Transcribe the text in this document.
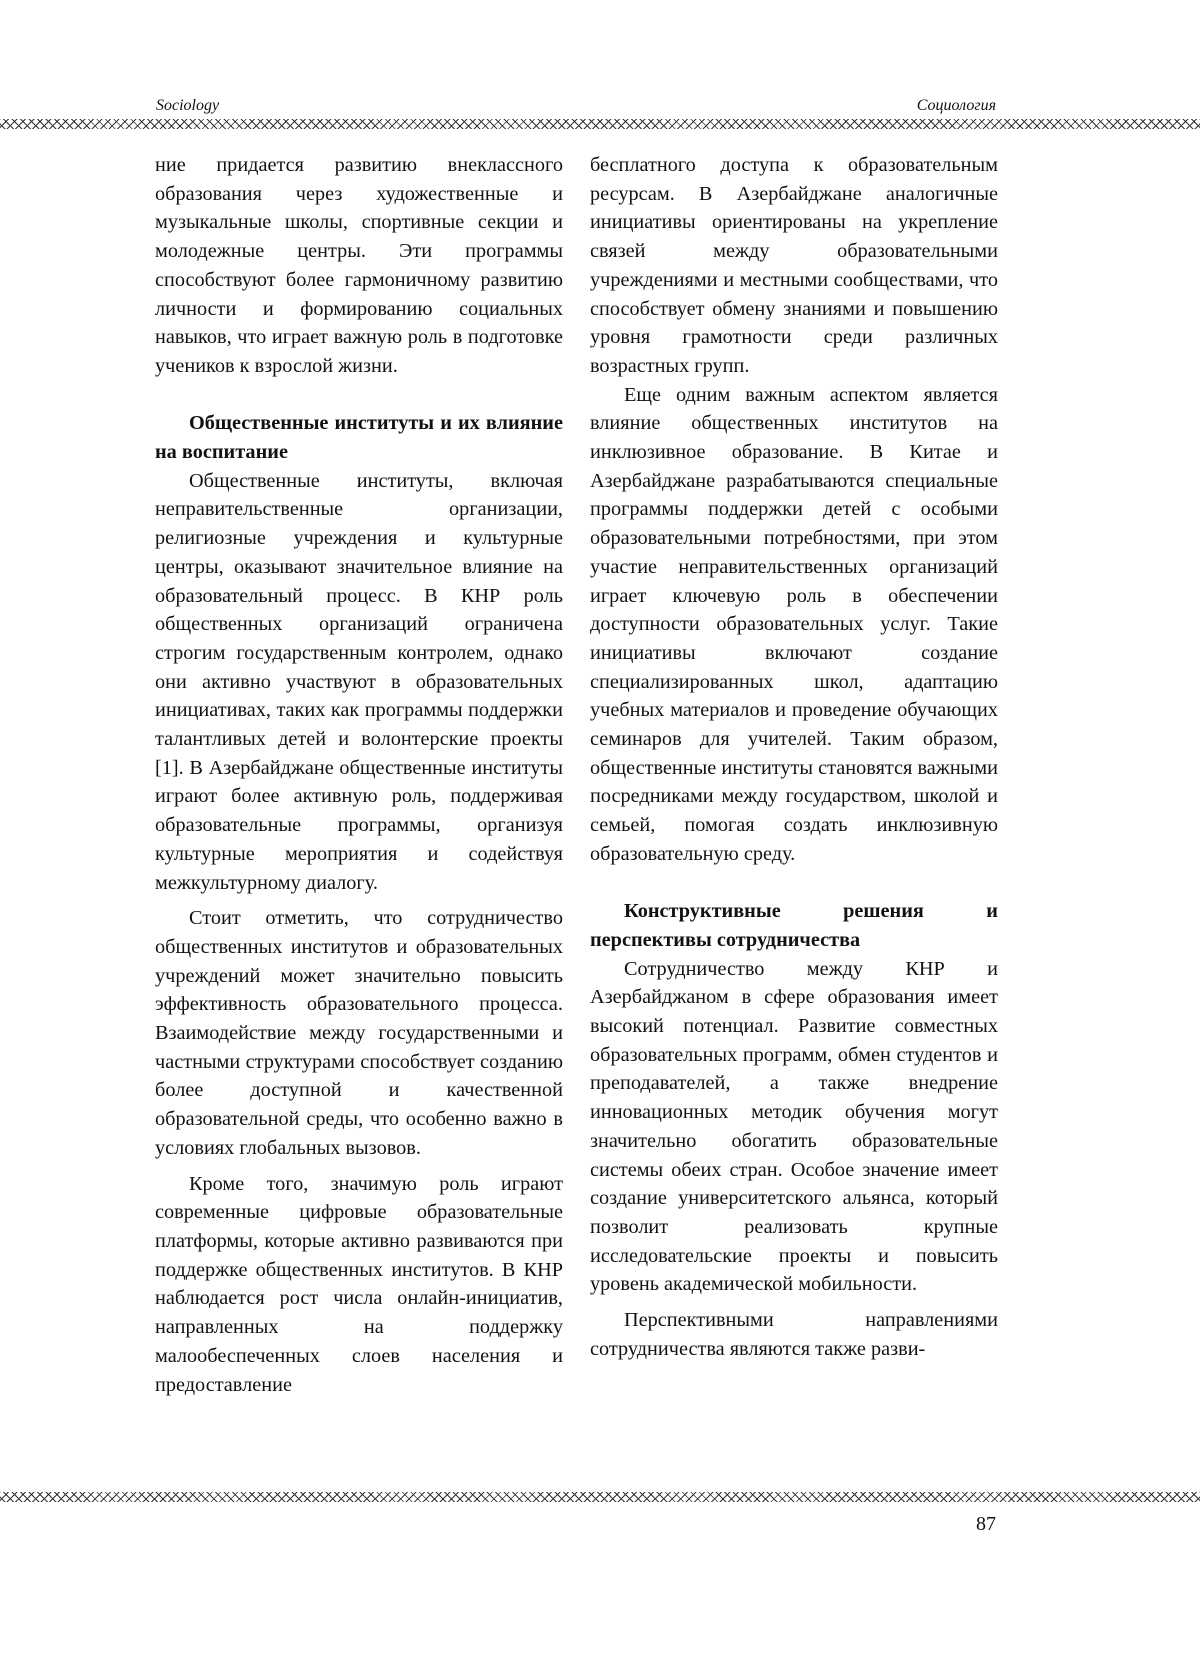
Sociology	Социология

ние придается развитию внеклассного образования через художественные и музыкальные школы, спортивные секции и молодежные центры. Эти программы способствуют более гармоничному развитию личности и формированию социальных навыков, что играет важную роль в подготовке учеников к взрослой жизни.

Общественные институты и их влияние на воспитание

Общественные институты, включая неправительственные организации, религиозные учреждения и культурные центры, оказывают значительное влияние на образовательный процесс. В КНР роль общественных организаций ограничена строгим государственным контролем, однако они активно участвуют в образовательных инициативах, таких как программы поддержки талантливых детей и волонтерские проекты [1]. В Азербайджане общественные институты играют более активную роль, поддерживая образовательные программы, организуя культурные мероприятия и содействуя межкультурному диалогу.

Стоит отметить, что сотрудничество общественных институтов и образовательных учреждений может значительно повысить эффективность образовательного процесса. Взаимодействие между государственными и частными структурами способствует созданию более доступной и качественной образовательной среды, что особенно важно в условиях глобальных вызовов.

Кроме того, значимую роль играют современные цифровые образовательные платформы, которые активно развиваются при поддержке общественных институтов. В КНР наблюдается рост числа онлайн-инициатив, направленных на поддержку малообеспеченных слоев населения и предоставление

бесплатного доступа к образовательным ресурсам. В Азербайджане аналогичные инициативы ориентированы на укрепление связей между образовательными учреждениями и местными сообществами, что способствует обмену знаниями и повышению уровня грамотности среди различных возрастных групп.

Еще одним важным аспектом является влияние общественных институтов на инклюзивное образование. В Китае и Азербайджане разрабатываются специальные программы поддержки детей с особыми образовательными потребностями, при этом участие неправительственных организаций играет ключевую роль в обеспечении доступности образовательных услуг. Такие инициативы включают создание специализированных школ, адаптацию учебных материалов и проведение обучающих семинаров для учителей. Таким образом, общественные институты становятся важными посредниками между государством, школой и семьей, помогая создать инклюзивную образовательную среду.

Конструктивные решения и перспективы сотрудничества

Сотрудничество между КНР и Азербайджаном в сфере образования имеет высокий потенциал. Развитие совместных образовательных программ, обмен студентов и преподавателей, а также внедрение инновационных методик обучения могут значительно обогатить образовательные системы обеих стран. Особое значение имеет создание университетского альянса, который позволит реализовать крупные исследовательские проекты и повысить уровень академической мобильности.

Перспективными направлениями сотрудничества являются также разви-

87
